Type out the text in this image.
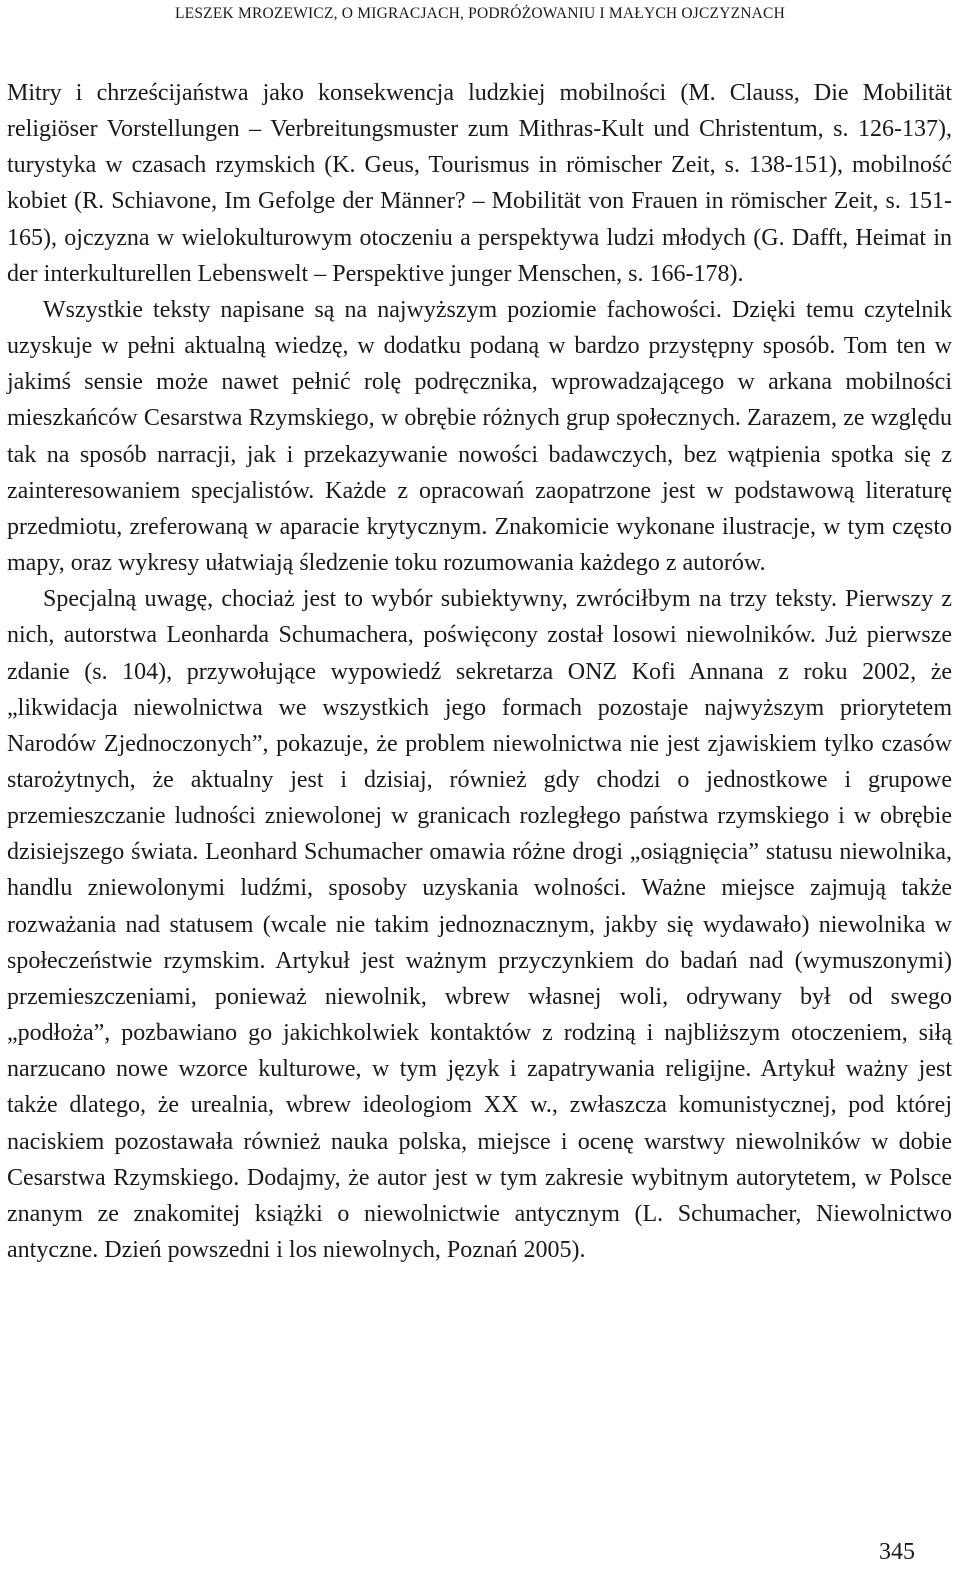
LESZEK MROZEWICZ, O MIGRACJACH, PODRÓŻOWANIU I MAŁYCH OJCZYZNACH

Mitry i chrześcijaństwa jako konsekwencja ludzkiej mobilności (M. Clauss, Die Mobilität religiöser Vorstellungen – Verbreitungsmuster zum Mithras-Kult und Christentum, s. 126-137), turystyka w czasach rzymskich (K. Geus, Tourismus in römischer Zeit, s. 138-151), mobilność kobiet (R. Schiavone, Im Gefolge der Männer? – Mobilität von Frauen in römischer Zeit, s. 151-165), ojczyzna w wielokulturowym otoczeniu a perspektywa ludzi młodych (G. Dafft, Heimat in der interkulturellen Lebenswelt – Perspektive junger Menschen, s. 166-178).

Wszystkie teksty napisane są na najwyższym poziomie fachowości. Dzięki temu czytelnik uzyskuje w pełni aktualną wiedzę, w dodatku podaną w bardzo przystępny sposób. Tom ten w jakimś sensie może nawet pełnić rolę podręcznika, wprowadzającego w arkana mobilności mieszkańców Cesarstwa Rzymskiego, w obrębie różnych grup społecznych. Zarazem, ze względu tak na sposób narracji, jak i przekazywanie nowości badawczych, bez wątpienia spotka się z zainteresowaniem specjalistów. Każde z opracowań zaopatrzone jest w podstawową literaturę przedmiotu, zreferowaną w aparacie krytycznym. Znakomicie wykonane ilustracje, w tym często mapy, oraz wykresy ułatwiają śledzenie toku rozumowania każdego z autorów.

Specjalną uwagę, chociaż jest to wybór subiektywny, zwróciłbym na trzy teksty. Pierwszy z nich, autorstwa Leonharda Schumachera, poświęcony został losowi niewolników. Już pierwsze zdanie (s. 104), przywołujące wypowiedź sekretarza ONZ Kofi Annana z roku 2002, że „likwidacja niewolnictwa we wszystkich jego formach pozostaje najwyższym priorytetem Narodów Zjednoczonych”, pokazuje, że problem niewolnictwa nie jest zjawiskiem tylko czasów starożytnych, że aktualny jest i dzisiaj, również gdy chodzi o jednostkowe i grupowe przemieszczanie ludności zniewolonej w granicach rozległego państwa rzymskiego i w obrębie dzisiejszego świata. Leonhard Schumacher omawia różne drogi „osiągnięcia” statusu niewolnika, handlu zniewolonymi ludźmi, sposoby uzyskania wolności. Ważne miejsce zajmują także rozważania nad statusem (wcale nie takim jednoznacznym, jakby się wydawało) niewolnika w społeczeństwie rzymskim. Artykuł jest ważnym przyczynkiem do badań nad (wymuszonymi) przemieszczeniami, ponieważ niewolnik, wbrew własnej woli, odrywany był od swego „podłoża”, pozbawiano go jakichkolwiek kontaktów z rodziną i najbliższym otoczeniem, siłą narzucano nowe wzorce kulturowe, w tym język i zapatrywania religijne. Artykuł ważny jest także dlatego, że urealnia, wbrew ideologiom XX w., zwłaszcza komunistycznej, pod której naciskiem pozostawała również nauka polska, miejsce i ocenę warstwy niewolników w dobie Cesarstwa Rzymskiego. Dodajmy, że autor jest w tym zakresie wybitnym autorytetem, w Polsce znanym ze znakomitej książki o niewolnictwie antycznym (L. Schumacher, Niewolnictwo antyczne. Dzień powszedni i los niewolnych, Poznań 2005).

345
